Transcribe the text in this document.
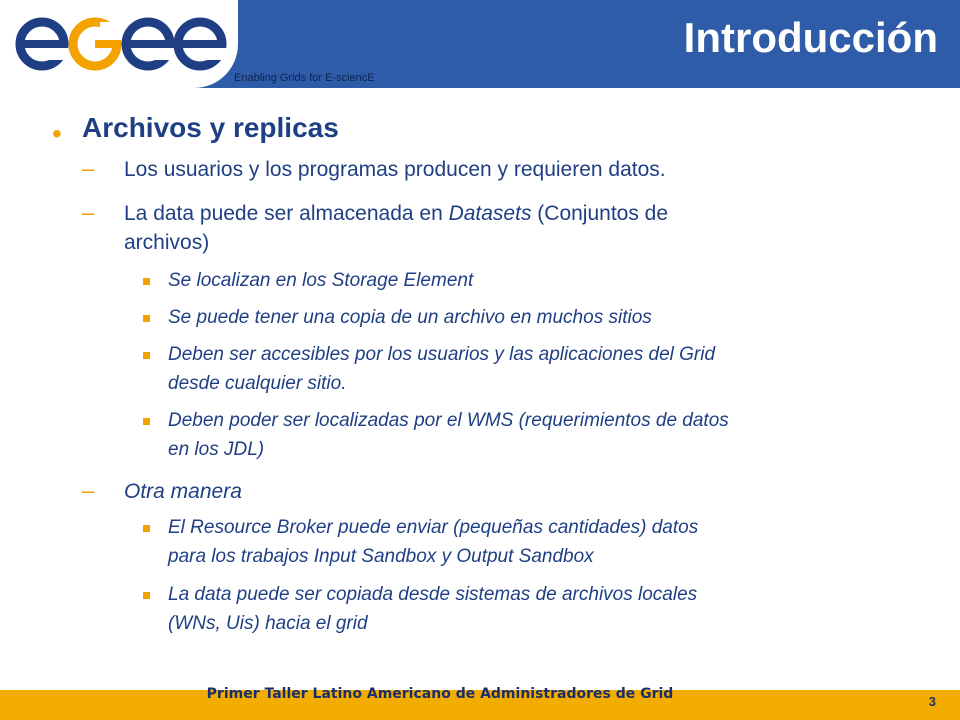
Enabling Grids for E-sciencE
Introducción
• Archivos y replicas
– Los usuarios y los programas producen y requieren datos.
– La data puede ser almacenada en Datasets (Conjuntos de
archivos)
Se localizan en los Storage Element
Se puede tener una copia de un archivo en muchos sitios
Deben ser accesibles por los usuarios y las aplicaciones del Grid
desde cualquier sitio.
Deben poder ser localizadas por el WMS (requerimientos de datos
en los JDL)
– Otra manera
El Resource Broker puede enviar (pequeñas cantidades) datos
para los trabajos Input Sandbox y Output Sandbox
La data puede ser copiada desde sistemas de archivos locales
(WNs, Uis) hacia el grid
Primer Taller Latino Americano de Administradores de Grid	3
